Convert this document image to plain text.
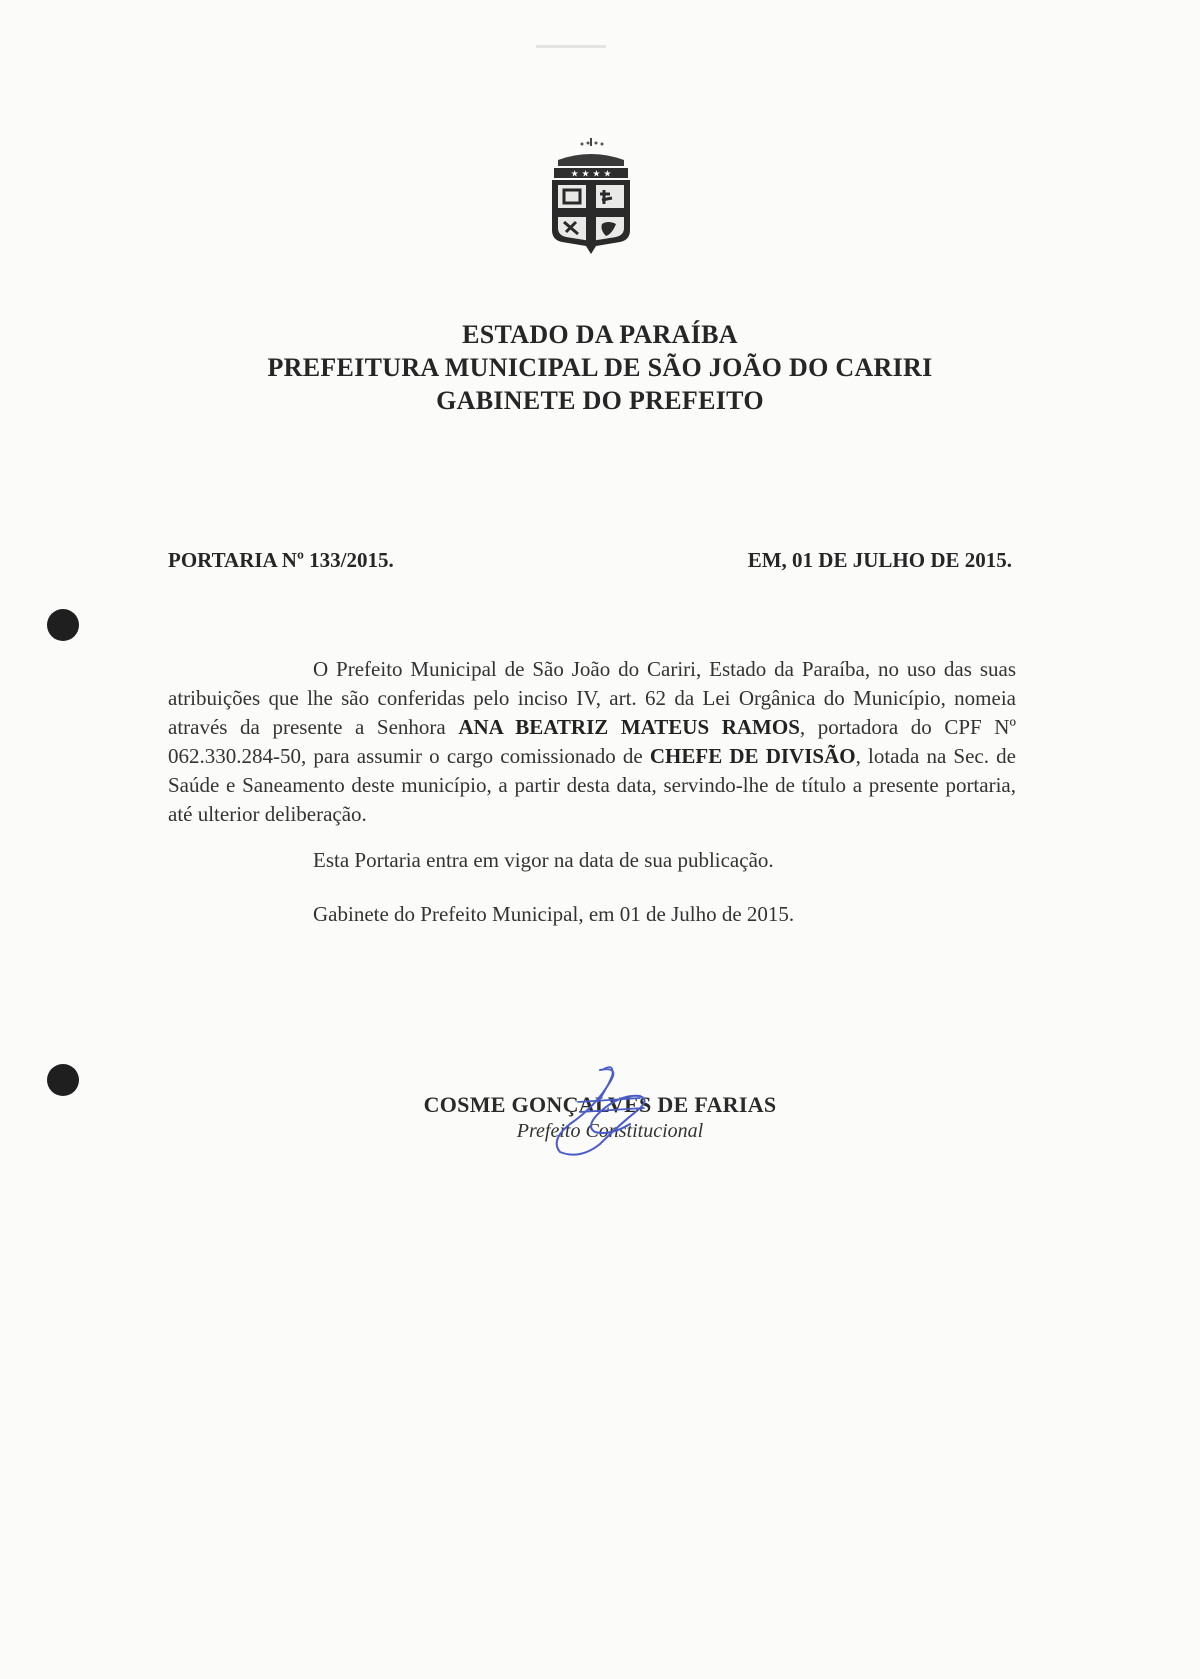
★ ★ ★ ★
ESTADO DA PARAÍBA
PREFEITURA MUNICIPAL DE SÃO JOÃO DO CARIRI
GABINETE DO PREFEITO
PORTARIA Nº 133/2015.	EM, 01 DE JULHO DE 2015.
O Prefeito Municipal de São João do Cariri, Estado da Paraíba, no uso das suas atribuições que lhe são conferidas pelo inciso IV, art. 62 da Lei Orgânica do Município, nomeia através da presente a Senhora ANA BEATRIZ MATEUS RAMOS, portadora do CPF Nº 062.330.284-50, para assumir o cargo comissionado de CHEFE DE DIVISÃO, lotada na Sec. de Saúde e Saneamento deste município, a partir desta data, servindo-lhe de título a presente portaria, até ulterior deliberação.
Esta Portaria entra em vigor na data de sua publicação.
Gabinete do Prefeito Municipal, em 01 de Julho de 2015.
COSME GONÇALVES DE FARIAS
Prefeito Constitucional
